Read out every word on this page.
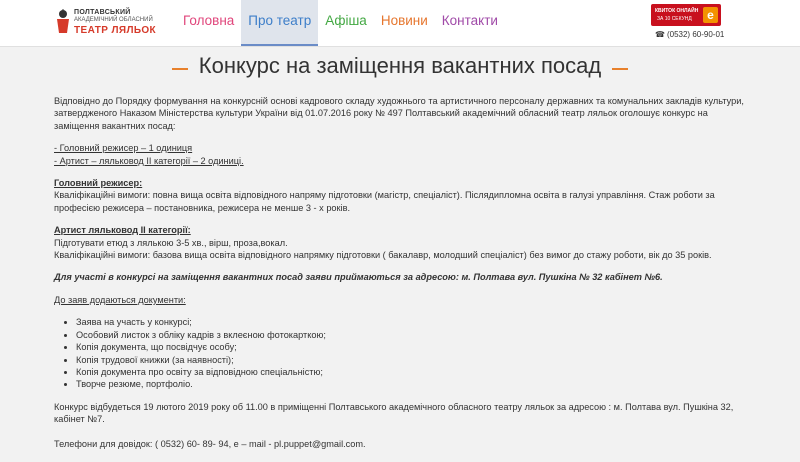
ПОЛТАВСЬКИЙ
АКАДЕМІЧНИЙ ОБЛАСНИЙ
ТЕАТР ЛЯЛЬОК
Головна	Про театр	Афіша	Новини	Контакти
КВИТОК ОНЛАЙН
ЗА 10 СЕКУНД	e
☎ (0532) 60-90-01
Конкурс на заміщення вакантних посад

Відповідно до Порядку формування на конкурсній основі кадрового складу художнього та артистичного персоналу державних та комунальних закладів культури, затвердженого Наказом Міністерства культури України від 01.07.2016 року № 497 Полтавський академічний обласний театр ляльок оголошує конкурс на заміщення вакантних посад:

- Головний режисер – 1 одиниця
- Артист – ляльковод ІІ категорії – 2 одиниці.

Головний режисер:
Кваліфікаційні вимоги: повна вища освіта відповідного напряму підготовки (магістр, спеціаліст). Післядипломна освіта в галузі управління. Стаж роботи за професією режисера – постановника, режисера не менше 3 - х років.

Артист ляльковод ІІ категорії:
Підготувати етюд з лялькою 3-5 хв., вірш, проза,вокал.
Кваліфікаційні вимоги: базова вища освіта відповідного напрямку підготовки ( бакалавр, молодший спеціаліст) без вимог до стажу роботи, вік до 35 років.

Для участі в конкурсі на заміщення вакантних посад заяви приймаються за адресою: м. Полтава вул. Пушкіна № 32 кабінет №6.

До заяв додаються документи:

• Заява на участь у конкурсі;
• Особовий листок з обліку кадрів з вклеєною фотокарткою;
• Копія документа, що посвідчує особу;
• Копія трудової книжки (за наявності);
• Копія документа про освіту за відповідною спеціальністю;
• Творче резюме, портфоліо.

Конкурс відбудеться 19 лютого 2019 року об 11.00 в приміщенні Полтавського академічного обласного театру ляльок за адресою : м. Полтава вул. Пушкіна 32, кабінет №7.

Телефони для довідок: ( 0532) 60- 89- 94, е – mail - pl.puppet@gmail.com.
